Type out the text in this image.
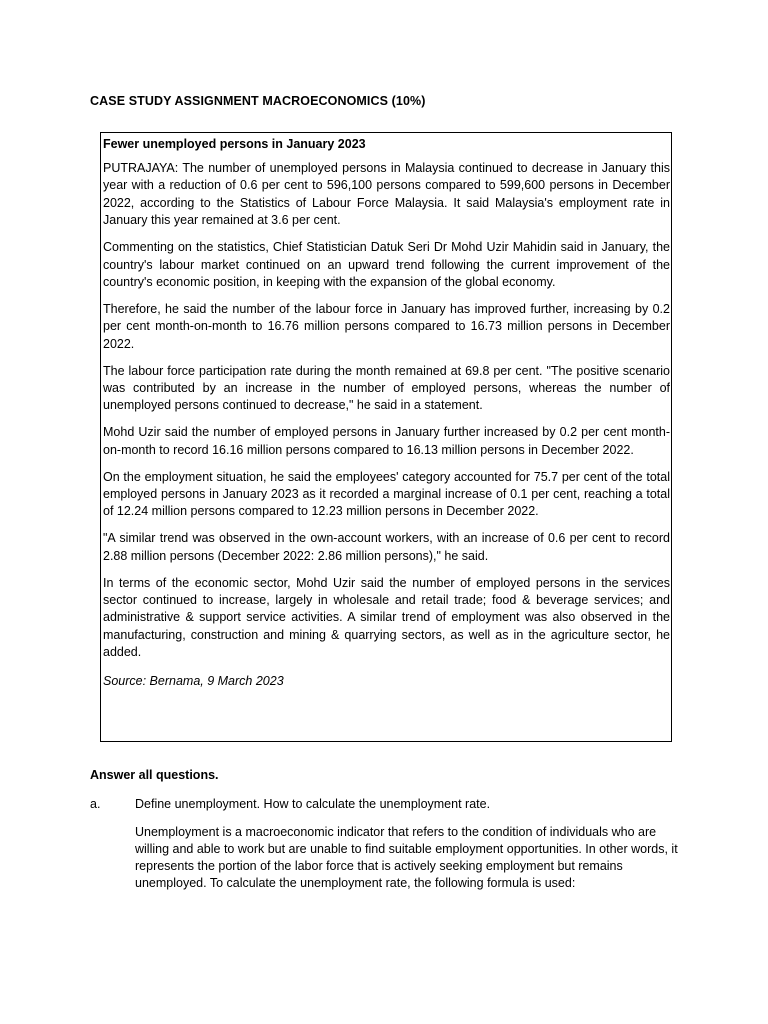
CASE STUDY ASSIGNMENT MACROECONOMICS (10%)
Fewer unemployed persons in January 2023

PUTRAJAYA: The number of unemployed persons in Malaysia continued to decrease in January this year with a reduction of 0.6 per cent to 596,100 persons compared to 599,600 persons in December 2022, according to the Statistics of Labour Force Malaysia. It said Malaysia's employment rate in January this year remained at 3.6 per cent.

Commenting on the statistics, Chief Statistician Datuk Seri Dr Mohd Uzir Mahidin said in January, the country's labour market continued on an upward trend following the current improvement of the country's economic position, in keeping with the expansion of the global economy.

Therefore, he said the number of the labour force in January has improved further, increasing by 0.2 per cent month-on-month to 16.76 million persons compared to 16.73 million persons in December 2022.

The labour force participation rate during the month remained at 69.8 per cent. "The positive scenario was contributed by an increase in the number of employed persons, whereas the number of unemployed persons continued to decrease," he said in a statement.

Mohd Uzir said the number of employed persons in January further increased by 0.2 per cent month-on-month to record 16.16 million persons compared to 16.13 million persons in December 2022.

On the employment situation, he said the employees' category accounted for 75.7 per cent of the total employed persons in January 2023 as it recorded a marginal increase of 0.1 per cent, reaching a total of 12.24 million persons compared to 12.23 million persons in December 2022.

"A similar trend was observed in the own-account workers, with an increase of 0.6 per cent to record 2.88 million persons (December 2022: 2.86 million persons)," he said.

In terms of the economic sector, Mohd Uzir said the number of employed persons in the services sector continued to increase, largely in wholesale and retail trade; food & beverage services; and administrative & support service activities. A similar trend of employment was also observed in the manufacturing, construction and mining & quarrying sectors, as well as in the agriculture sector, he added.

Source: Bernama, 9 March 2023
Answer all questions.
a.	Define unemployment. How to calculate the unemployment rate.
Unemployment is a macroeconomic indicator that refers to the condition of individuals who are willing and able to work but are unable to find suitable employment opportunities. In other words, it represents the portion of the labor force that is actively seeking employment but remains unemployed. To calculate the unemployment rate, the following formula is used:
